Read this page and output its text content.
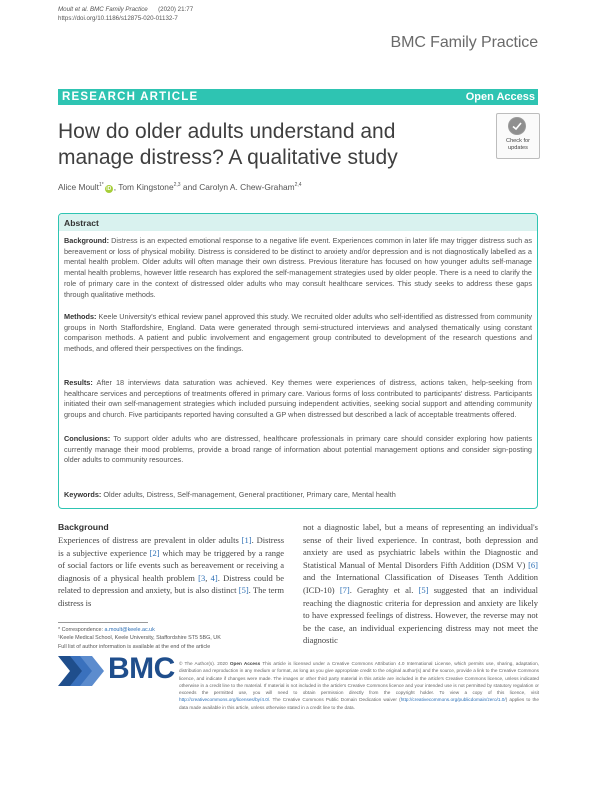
Moult et al. BMC Family Practice (2020) 21:77
https://doi.org/10.1186/s12875-020-01132-7
BMC Family Practice
RESEARCH ARTICLE	Open Access
How do older adults understand and
manage distress? A qualitative study
Check for
updates
Alice Moult$^{1*}$iD , Tom Kingstone$^{2,3}$ and Carolyn A. Chew-Graham$^{2,4}$
Abstract
Background: Distress is an expected emotional response to a negative life event. Experiences common in later life may trigger distress such as bereavement or loss of physical mobility. Distress is considered to be distinct to anxiety and/or depression and is not diagnostically labelled as a mental health problem. Older adults will often manage their own distress. Previous literature has focused on how younger adults self-manage mental health problems, however little research has explored the self-management strategies used by older people. There is a need to clarify the role of primary care in the context of distressed older adults who may consult healthcare services. This study seeks to address these gaps through qualitative methods.
Methods: Keele University's ethical review panel approved this study. We recruited older adults who self-identified as distressed from community groups in North Staffordshire, England. Data were generated through semi-structured interviews and analysed thematically using constant comparison methods. A patient and public involvement and engagement group contributed to development of the research questions and methods, and offered their perspectives on the findings.
Results: After 18 interviews data saturation was achieved. Key themes were experiences of distress, actions taken, help-seeking from healthcare services and perceptions of treatments offered in primary care. Various forms of loss contributed to participants' distress. Participants initiated their own self-management strategies which included pursuing independent activities, seeking social support and attending community groups and church. Five participants reported having consulted a GP when distressed but described a lack of acceptable treatments offered.
Conclusions: To support older adults who are distressed, healthcare professionals in primary care should consider exploring how patients currently manage their mood problems, provide a broad range of information about potential management options and consider sign-posting older adults to community resources.
Keywords: Older adults, Distress, Self-management, General practitioner, Primary care, Mental health
Background
Experiences of distress are prevalent in older adults [1]. Distress is a subjective experience [2] which may be triggered by a range of social factors or life events such as bereavement or receiving a diagnosis of a physical health problem [3, 4]. Distress could be related to depression and anxiety, but is also distinct [5]. The term distress is
not a diagnostic label, but a means of representing an individual's sense of their lived experience. In contrast, both depression and anxiety are used as psychiatric labels within the Diagnostic and Statistical Manual of Mental Disorders Fifth Addition (DSM V) [6] and the International Classification of Diseases Tenth Addition (ICD-10) [7]. Geraghty et al. [5] suggested that an individual reaching the diagnostic criteria for depression and anxiety are likely to have expressed feelings of distress. However, the reverse may not be the case, an individual experiencing distress may not meet the diagnostic
* Correspondence: a.moult@keele.ac.uk
¹Keele Medical School, Keele University, Staffordshire ST5 5BG, UK
Full list of author information is available at the end of the article
BMC © The Author(s). 2020 Open Access This article is licensed under a Creative Commons Attribution 4.0 International License, which permits use, sharing, adaptation, distribution and reproduction in any medium or format, as long as you give appropriate credit to the original author(s) and the source, provide a link to the Creative Commons licence, and indicate if changes were made. The images or other third party material in this article are included in the article's Creative Commons licence, unless indicated otherwise in a credit line to the material. If material is not included in the article's Creative Commons licence and your intended use is not permitted by statutory regulation or exceeds the permitted use, you will need to obtain permission directly from the copyright holder. To view a copy of this licence, visit http://creativecommons.org/licenses/by/4.0/. The Creative Commons Public Domain Dedication waiver (http://creativecommons.org/publicdomain/zero/1.0/) applies to the data made available in this article, unless otherwise stated in a credit line to the data.
